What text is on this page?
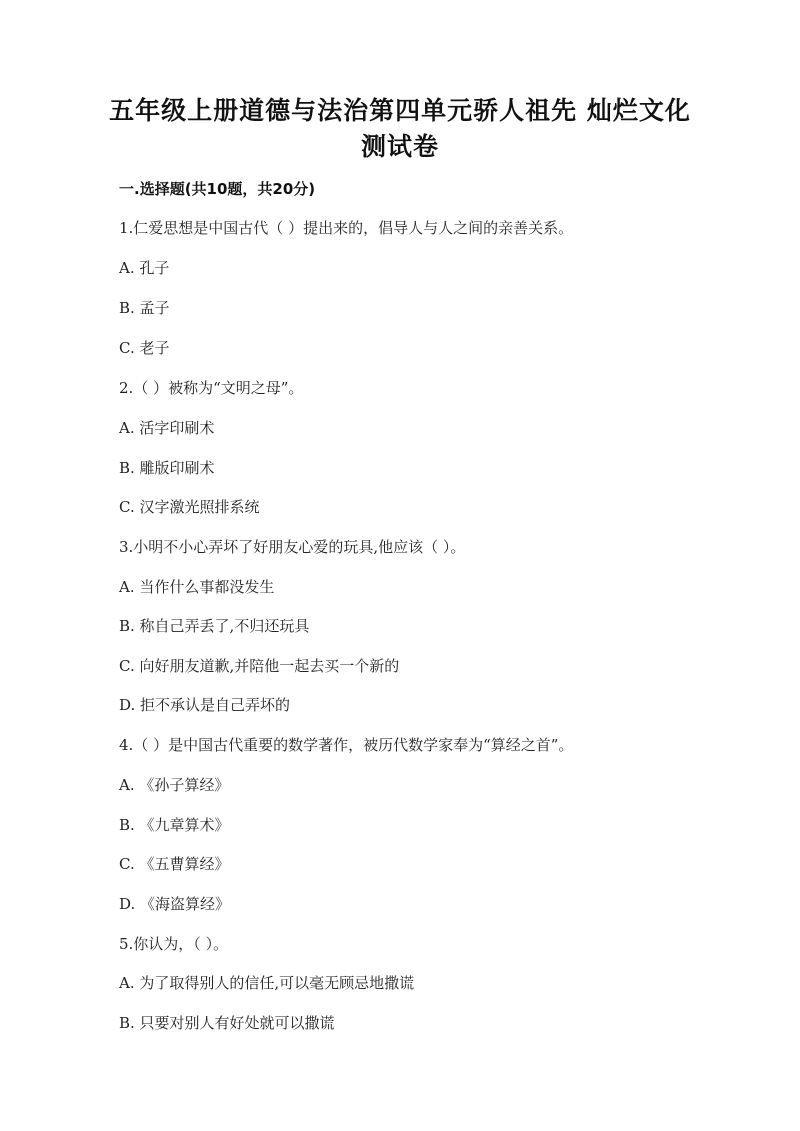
五年级上册道德与法治第四单元骄人祖先 灿烂文化
测试卷
一.选择题(共10题，共20分)
1.仁爱思想是中国古代（ ）提出来的，倡导人与人之间的亲善关系。
A. 孔子
B. 孟子
C. 老子
2.（ ）被称为“文明之母”。
A. 活字印刷术
B. 雕版印刷术
C. 汉字激光照排系统
3.小明不小心弄坏了好朋友心爱的玩具,他应该（ ）。
A. 当作什么事都没发生
B. 称自己弄丢了,不归还玩具
C. 向好朋友道歉,并陪他一起去买一个新的
D. 拒不承认是自己弄坏的
4.（ ）是中国古代重要的数学著作，被历代数学家奉为“算经之首”。
A. 《孙子算经》
B. 《九章算术》
C. 《五曹算经》
D. 《海盗算经》
5.你认为，（ ）。
A. 为了取得别人的信任,可以毫无顾忌地撒谎
B. 只要对别人有好处就可以撒谎
